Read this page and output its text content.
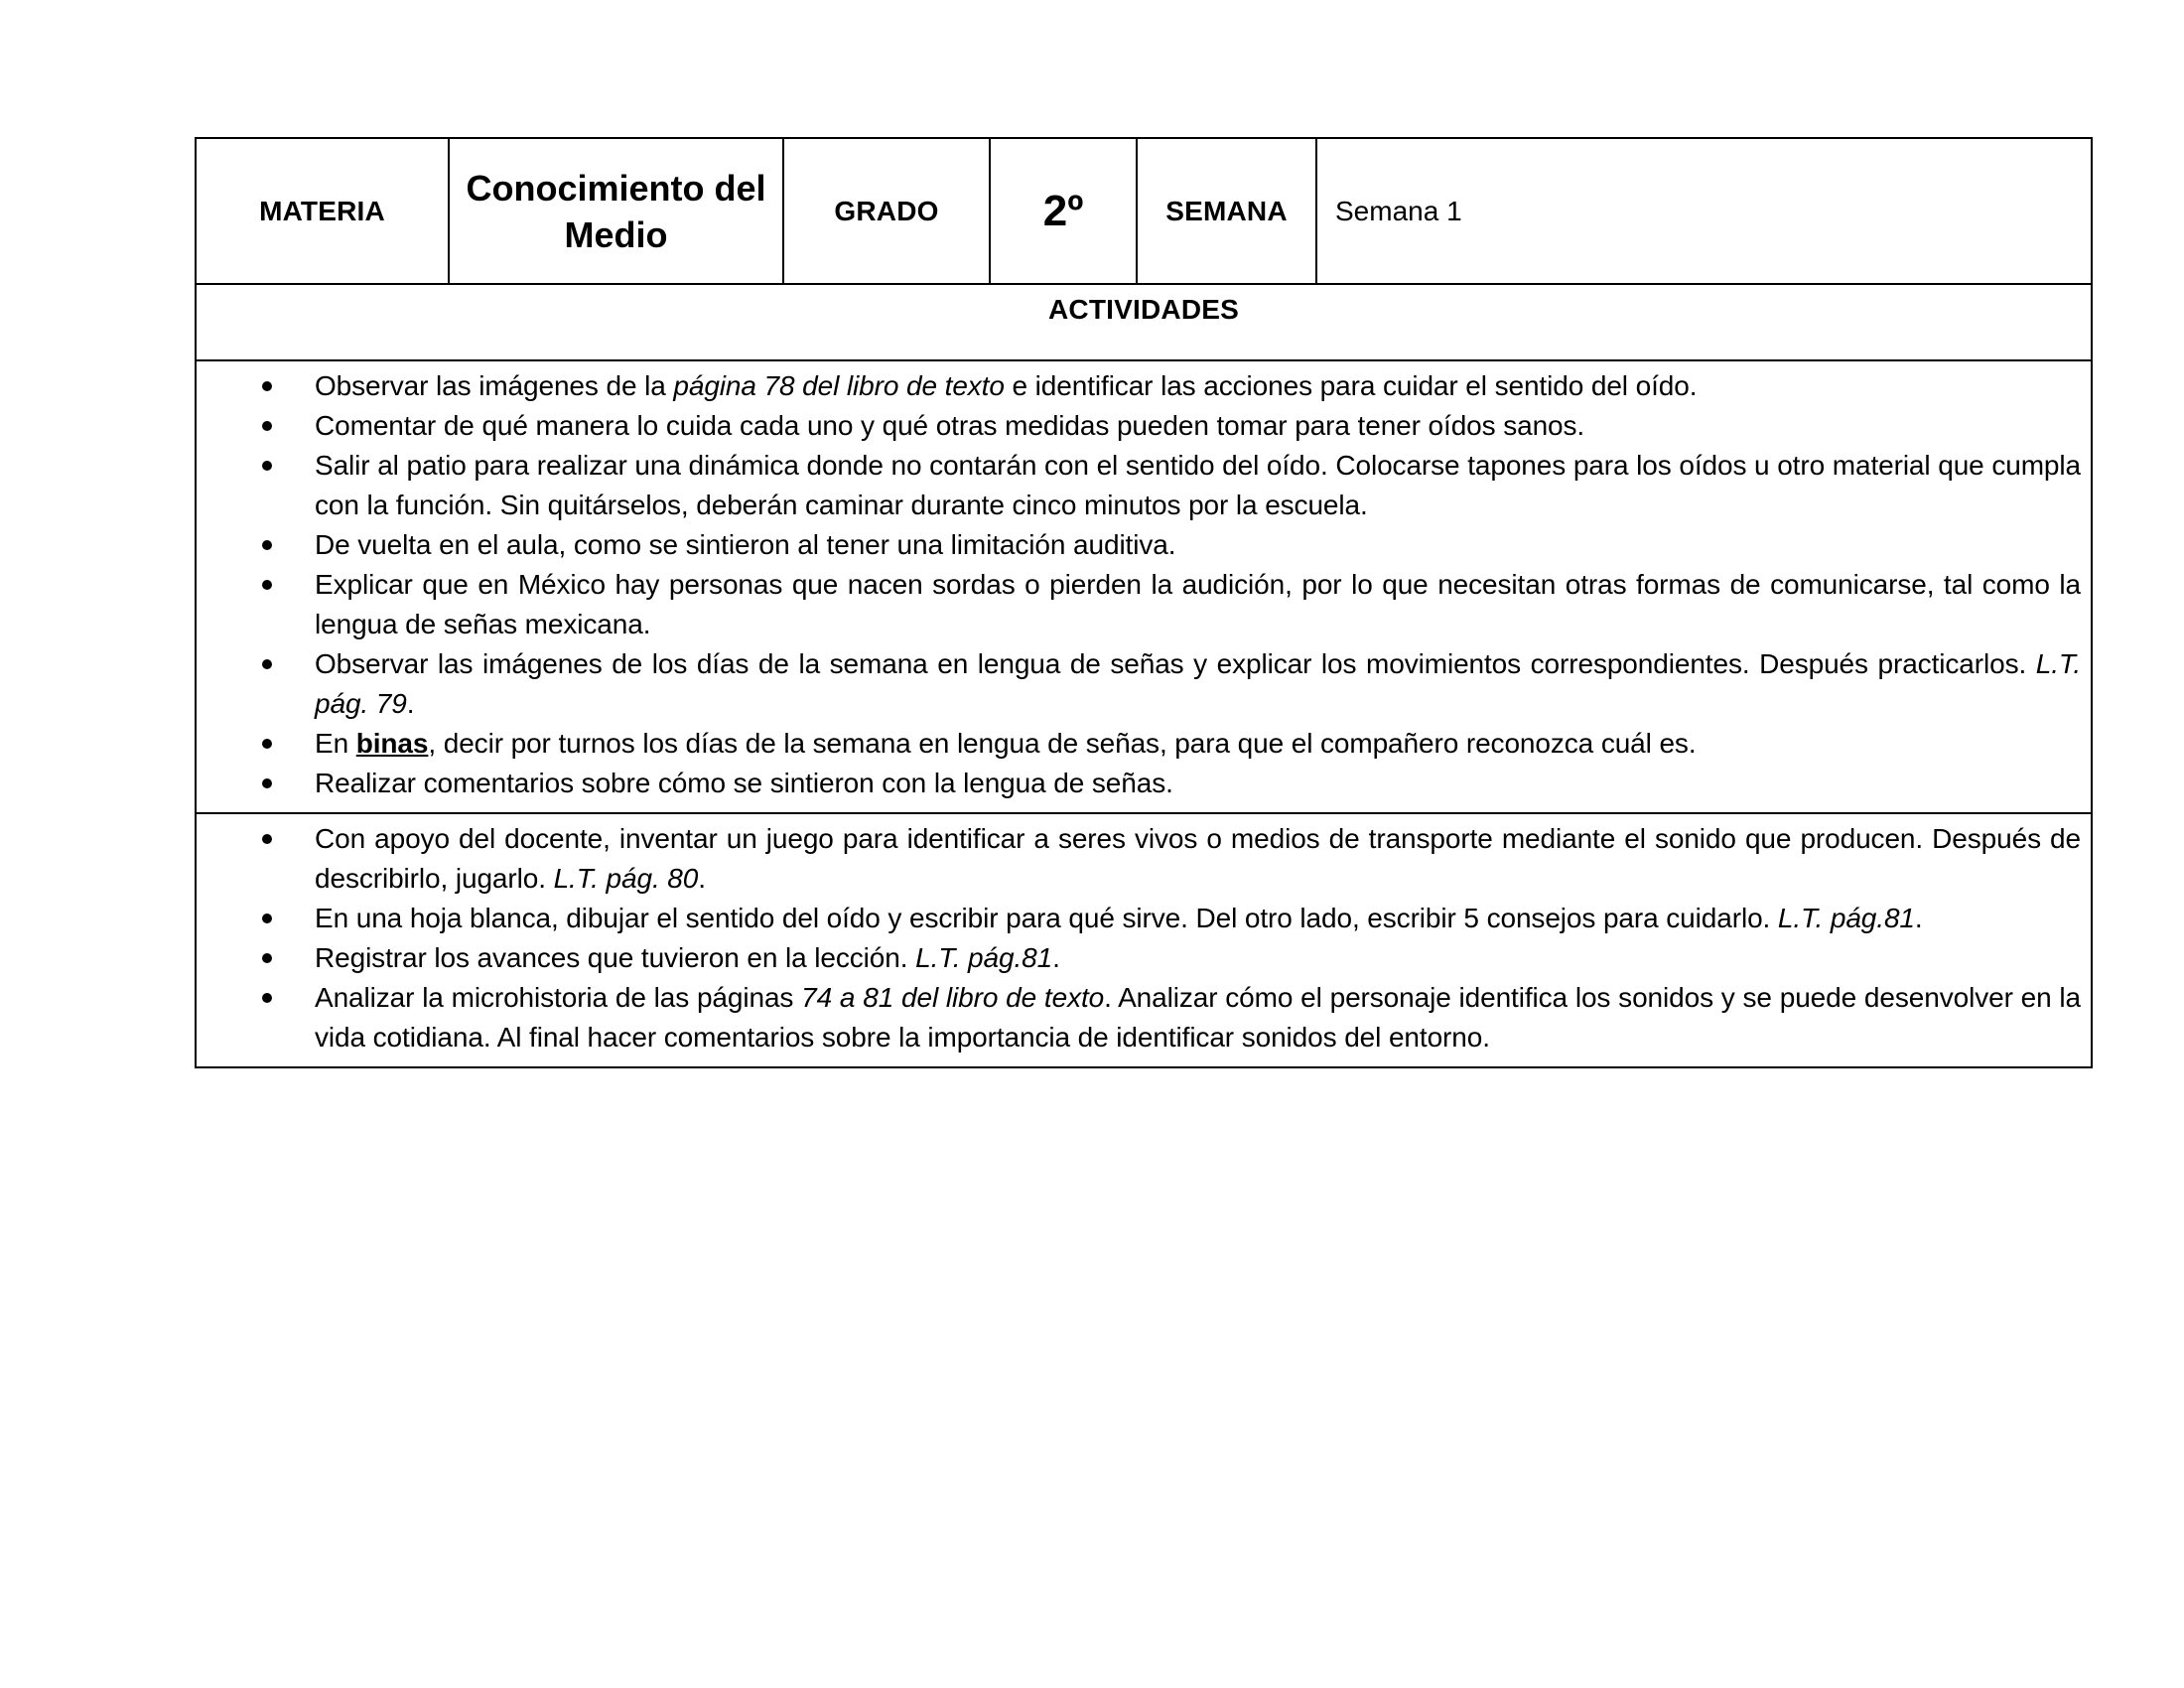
MATERIA	Conocimiento del Medio	GRADO	2º	SEMANA	Semana 1
ACTIVIDADES

Observar las imágenes de la página 78 del libro de texto e identificar las acciones para cuidar el sentido del oído.
Comentar de qué manera lo cuida cada uno y qué otras medidas pueden tomar para tener oídos sanos.
Salir al patio para realizar una dinámica donde no contarán con el sentido del oído. Colocarse tapones para los oídos u otro material que cumpla con la función. Sin quitárselos, deberán caminar durante cinco minutos por la escuela.
De vuelta en el aula, como se sintieron al tener una limitación auditiva.
Explicar que en México hay personas que nacen sordas o pierden la audición, por lo que necesitan otras formas de comunicarse, tal como la lengua de señas mexicana.
Observar las imágenes de los días de la semana en lengua de señas y explicar los movimientos correspondientes. Después practicarlos. L.T. pág. 79.
En binas, decir por turnos los días de la semana en lengua de señas, para que el compañero reconozca cuál es.
Realizar comentarios sobre cómo se sintieron con la lengua de señas.

Con apoyo del docente, inventar un juego para identificar a seres vivos o medios de transporte mediante el sonido que producen. Después de describirlo, jugarlo. L.T. pág. 80.
En una hoja blanca, dibujar el sentido del oído y escribir para qué sirve. Del otro lado, escribir 5 consejos para cuidarlo. L.T. pág.81.
Registrar los avances que tuvieron en la lección. L.T. pág.81.
Analizar la microhistoria de las páginas 74 a 81 del libro de texto. Analizar cómo el personaje identifica los sonidos y se puede desenvolver en la vida cotidiana. Al final hacer comentarios sobre la importancia de identificar sonidos del entorno.
